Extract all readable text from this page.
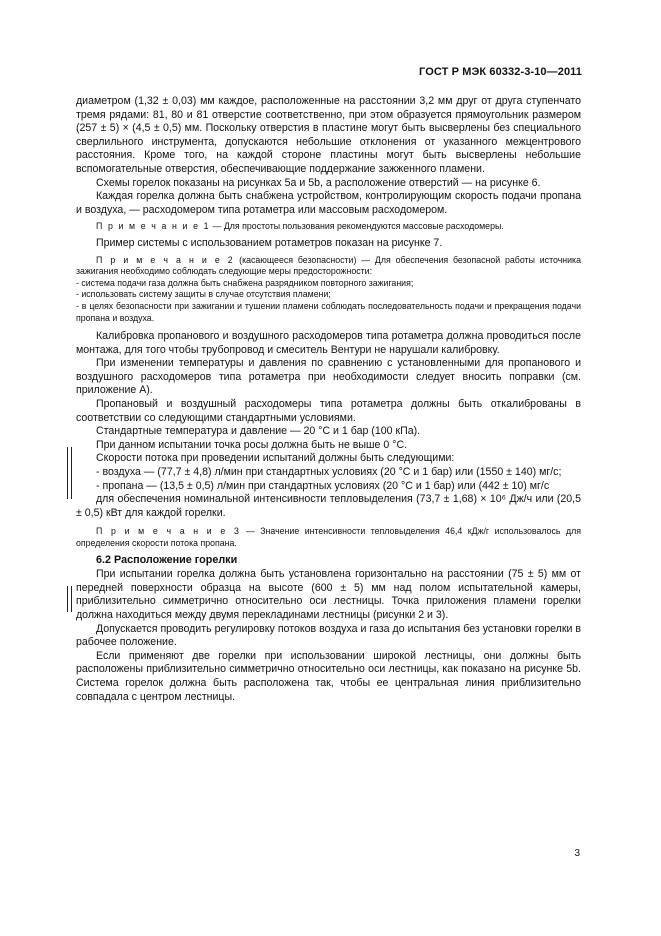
ГОСТ Р МЭК 60332-3-10—2011

диаметром (1,32 ± 0,03) мм каждое, расположенные на расстоянии 3,2 мм друг от друга ступенчато тремя рядами: 81, 80 и 81 отверстие соответственно, при этом образуется прямоугольник размером (257 ± 5) × (4,5 ± 0,5) мм. Поскольку отверстия в пластине могут быть высверлены без специального сверлильного инструмента, допускаются небольшие отклонения от указанного межцентрового расстояния. Кроме того, на каждой стороне пластины могут быть высверлены небольшие вспомогательные отверстия, обеспечивающие поддержание зажженного пламени.

Схемы горелок показаны на рисунках 5a и 5b, а расположение отверстий — на рисунке 6.

Каждая горелка должна быть снабжена устройством, контролирующим скорость подачи пропана и воздуха, — расходомером типа ротаметра или массовым расходомером.

П р и м е ч а н и е 1 — Для простоты пользования рекомендуются массовые расходомеры.

Пример системы с использованием ротаметров показан на рисунке 7.

П р и м е ч а н и е 2 (касающееся безопасности) — Для обеспечения безопасной работы источника зажигания необходимо соблюдать следующие меры предосторожности:

- система подачи газа должна быть снабжена разрядником повторного зажигания;

- использовать систему защиты в случае отсутствия пламени;

- в целях безопасности при зажигании и тушении пламени соблюдать последовательность подачи и прекращения подачи пропана и воздуха.

Калибровка пропанового и воздушного расходомеров типа ротаметра должна проводиться после монтажа, для того чтобы трубопровод и смеситель Вентури не нарушали калибровку.

При изменении температуры и давления по сравнению с установленными для пропанового и воздушного расходомеров типа ротаметра при необходимости следует вносить поправки (см. приложение А).

Пропановый и воздушный расходомеры типа ротаметра должны быть откалиброваны в соответствии со следующими стандартными условиями.

Стандартные температура и давление — 20 °С и 1 бар (100 кПа).

При данном испытании точка росы должна быть не выше 0 °С.

Скорости потока при проведении испытаний должны быть следующими:

- воздуха — (77,7 ± 4,8) л/мин при стандартных условиях (20 °С и 1 бар) или (1550 ± 140) мг/с;

- пропана — (13,5 ± 0,5) л/мин при стандартных условиях (20 °С и 1 бар) или (442 ± 10) мг/с

для обеспечения номинальной интенсивности тепловыделения (73,7 ± 1,68) × 10⁶ Дж/ч или (20,5 ± 0,5) кВт для каждой горелки.

П р и м е ч а н и е 3 — Значение интенсивности тепловыделения 46,4 кДж/г использовалось для определения скорости потока пропана.

6.2 Расположение горелки

При испытании горелка должна быть установлена горизонтально на расстоянии (75 ± 5) мм от передней поверхности образца на высоте (600 ± 5) мм над полом испытательной камеры, приблизительно симметрично относительно оси лестницы. Точка приложения пламени горелки должна находиться между двумя перекладинами лестницы (рисунки 2 и 3).

Допускается проводить регулировку потоков воздуха и газа до испытания без установки горелки в рабочее положение.

Если применяют две горелки при использовании широкой лестницы, они должны быть расположены приблизительно симметрично относительно оси лестницы, как показано на рисунке 5b. Система горелок должна быть расположена так, чтобы ее центральная линия приблизительно совпадала с центром лестницы.

3
